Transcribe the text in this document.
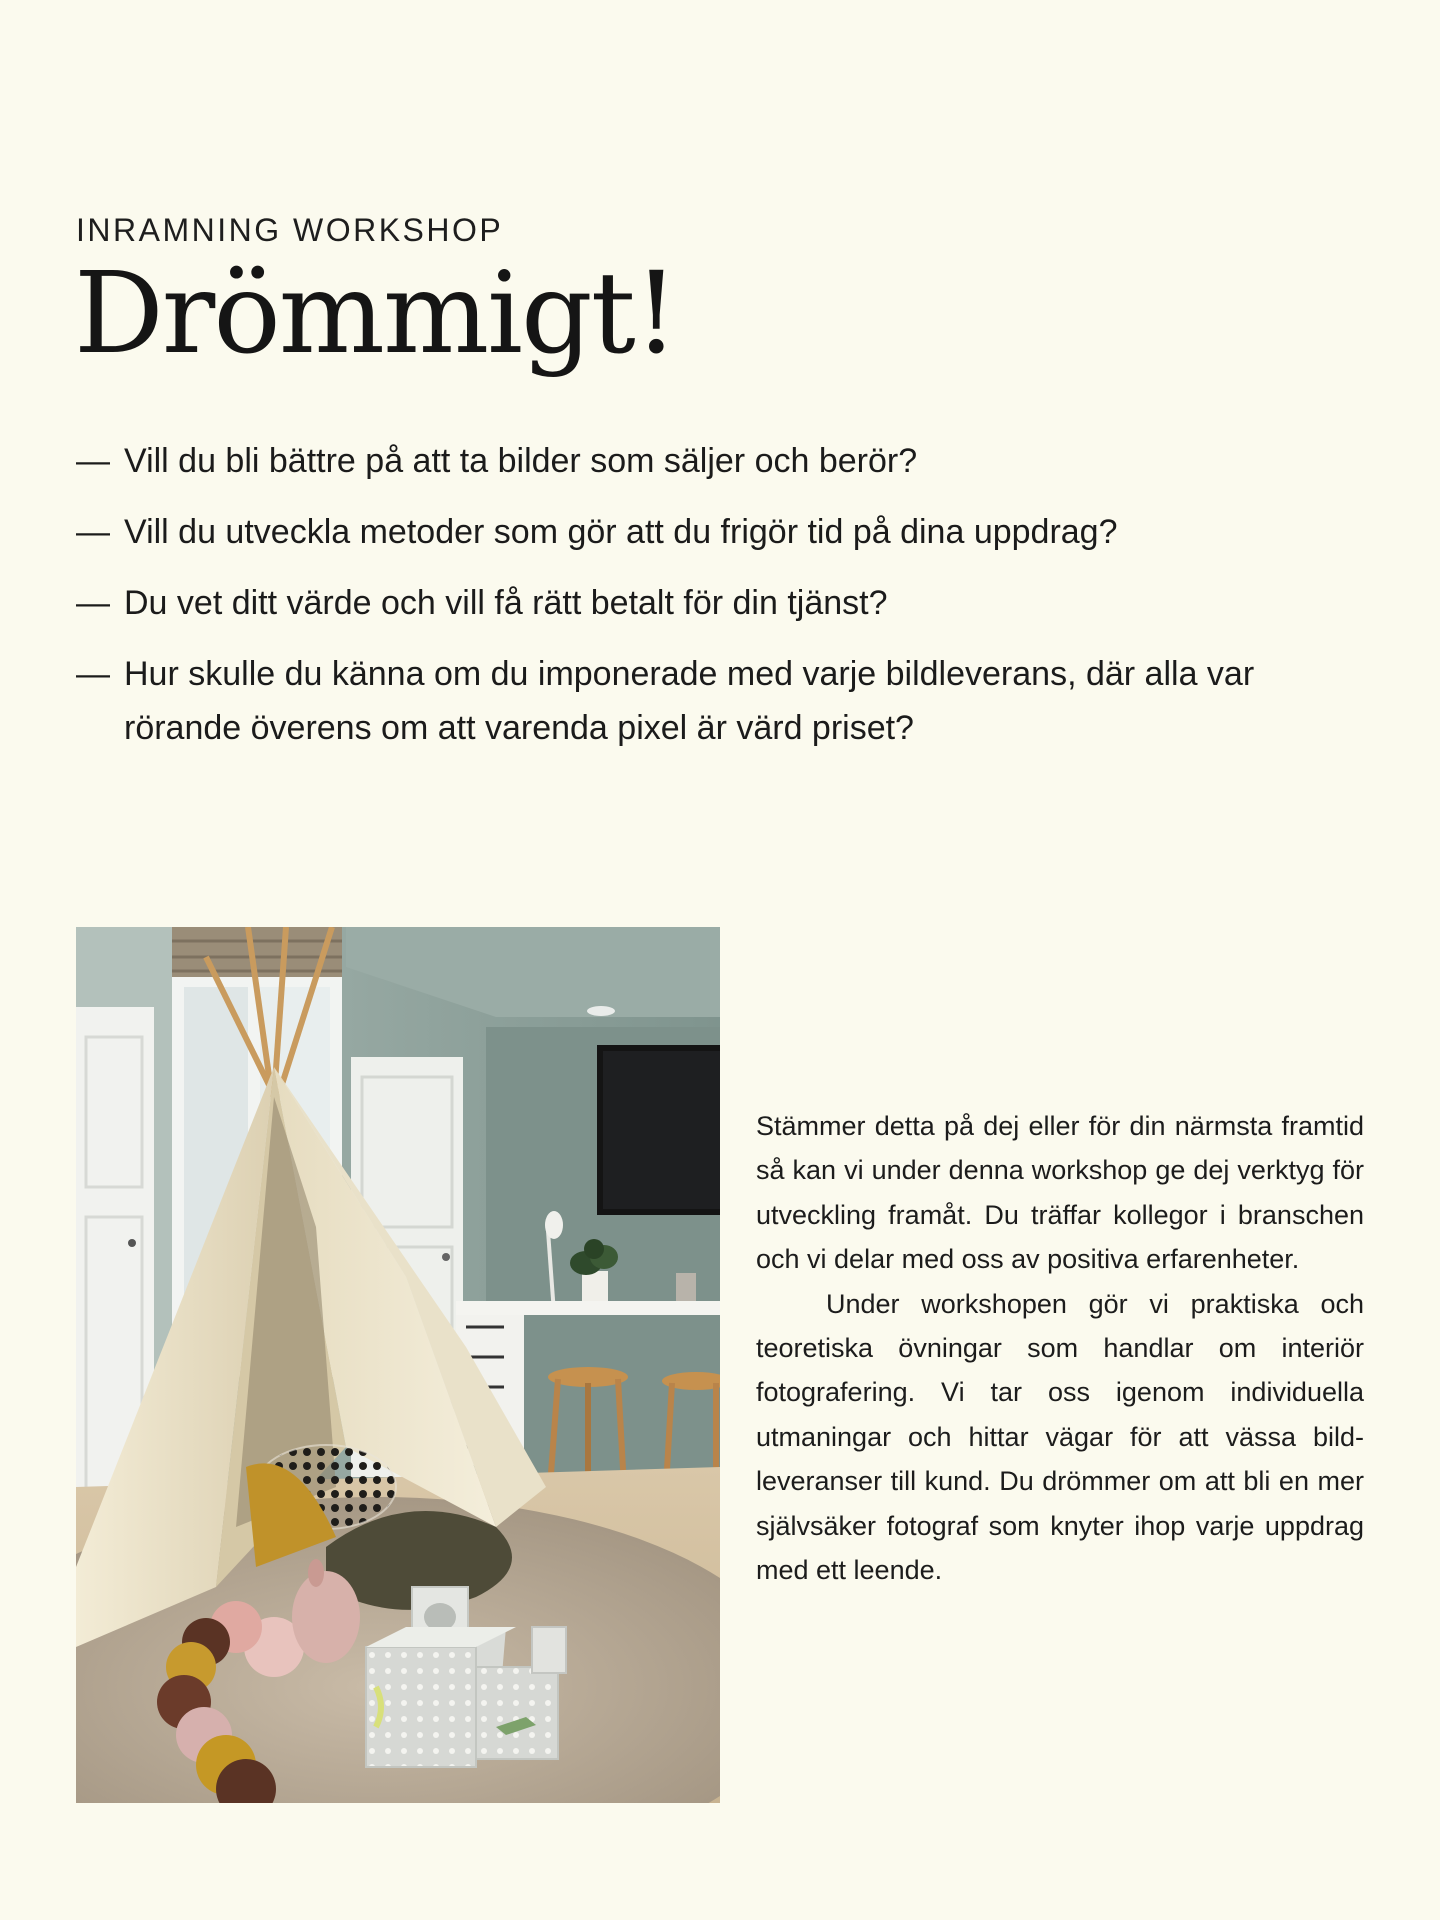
INRAMNING WORKSHOP
Drömmigt!
— Vill du bli bättre på att ta bilder som säljer och berör?
— Vill du utveckla metoder som gör att du frigör tid på dina uppdrag?
— Du vet ditt värde och vill få rätt betalt för din tjänst?
— Hur skulle du känna om du imponerade med varje bildleverans, där alla var rörande överens om att varenda pixel är värd priset?

Stämmer detta på dej eller för din närmsta framtid så kan vi under denna workshop ge dej verktyg för utveckling framåt. Du träffar kollegor i branschen och vi delar med oss av positiva erfarenheter.

Under workshopen gör vi praktiska och teoretiska övningar som handlar om interiör fotografering. Vi tar oss igenom individuella utmaningar och hittar vägar för att vässa bildleveranser till kund. Du drömmer om att bli en mer självsäker fotograf som knyter ihop varje uppdrag med ett leende.
